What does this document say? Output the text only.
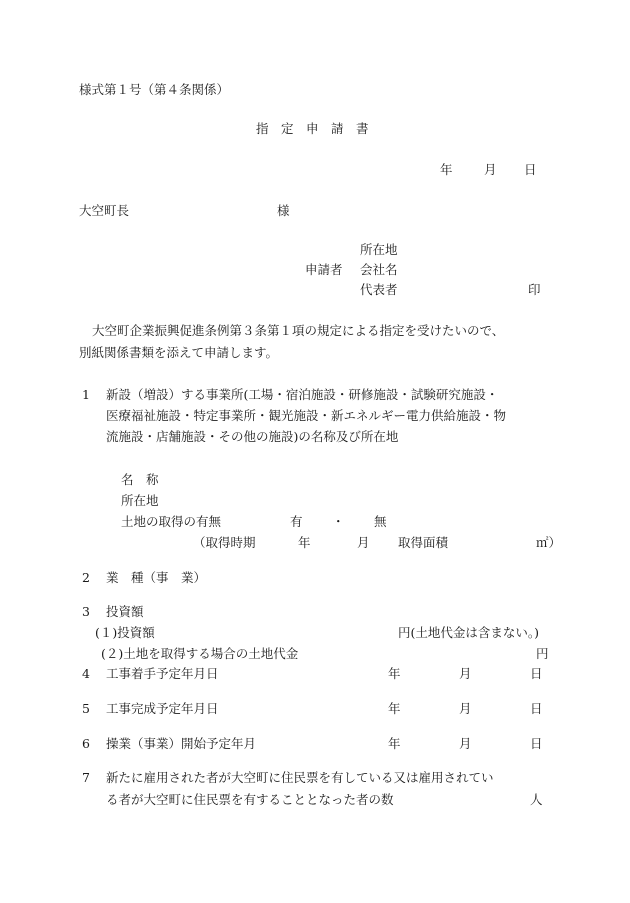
様式第１号（第４条関係）
指　定　申　請　書
年	月 日
大空町長	様
所在地
申請者 会社名
代表者	印
大空町企業振興促進条例第３条第１項の規定による指定を受けたいので、
別紙関係書類を添えて申請します。
1 新設（増設）する事業所(工場・宿泊施設・研修施設・試験研究施設・
医療福祉施設・特定事業所・観光施設・新エネルギー電力供給施設・物
流施設・店舗施設・その他の施設)の名称及び所在地
名　称
所在地
土地の取得の有無	有 ・ 無
（取得時期	年	月 取得面積	㎡）
2 業　種（事　業）
3 投資額
(１)投資額	円(土地代金は含まない。)
(２)土地を取得する場合の土地代金	円
4 工事着手予定年月日	年	月	日
5 工事完成予定年月日	年	月	日
6 操業（事業）開始予定年月	年	月	日
7 新たに雇用された者が大空町に住民票を有している又は雇用されてい
る者が大空町に住民票を有することとなった者の数	人
